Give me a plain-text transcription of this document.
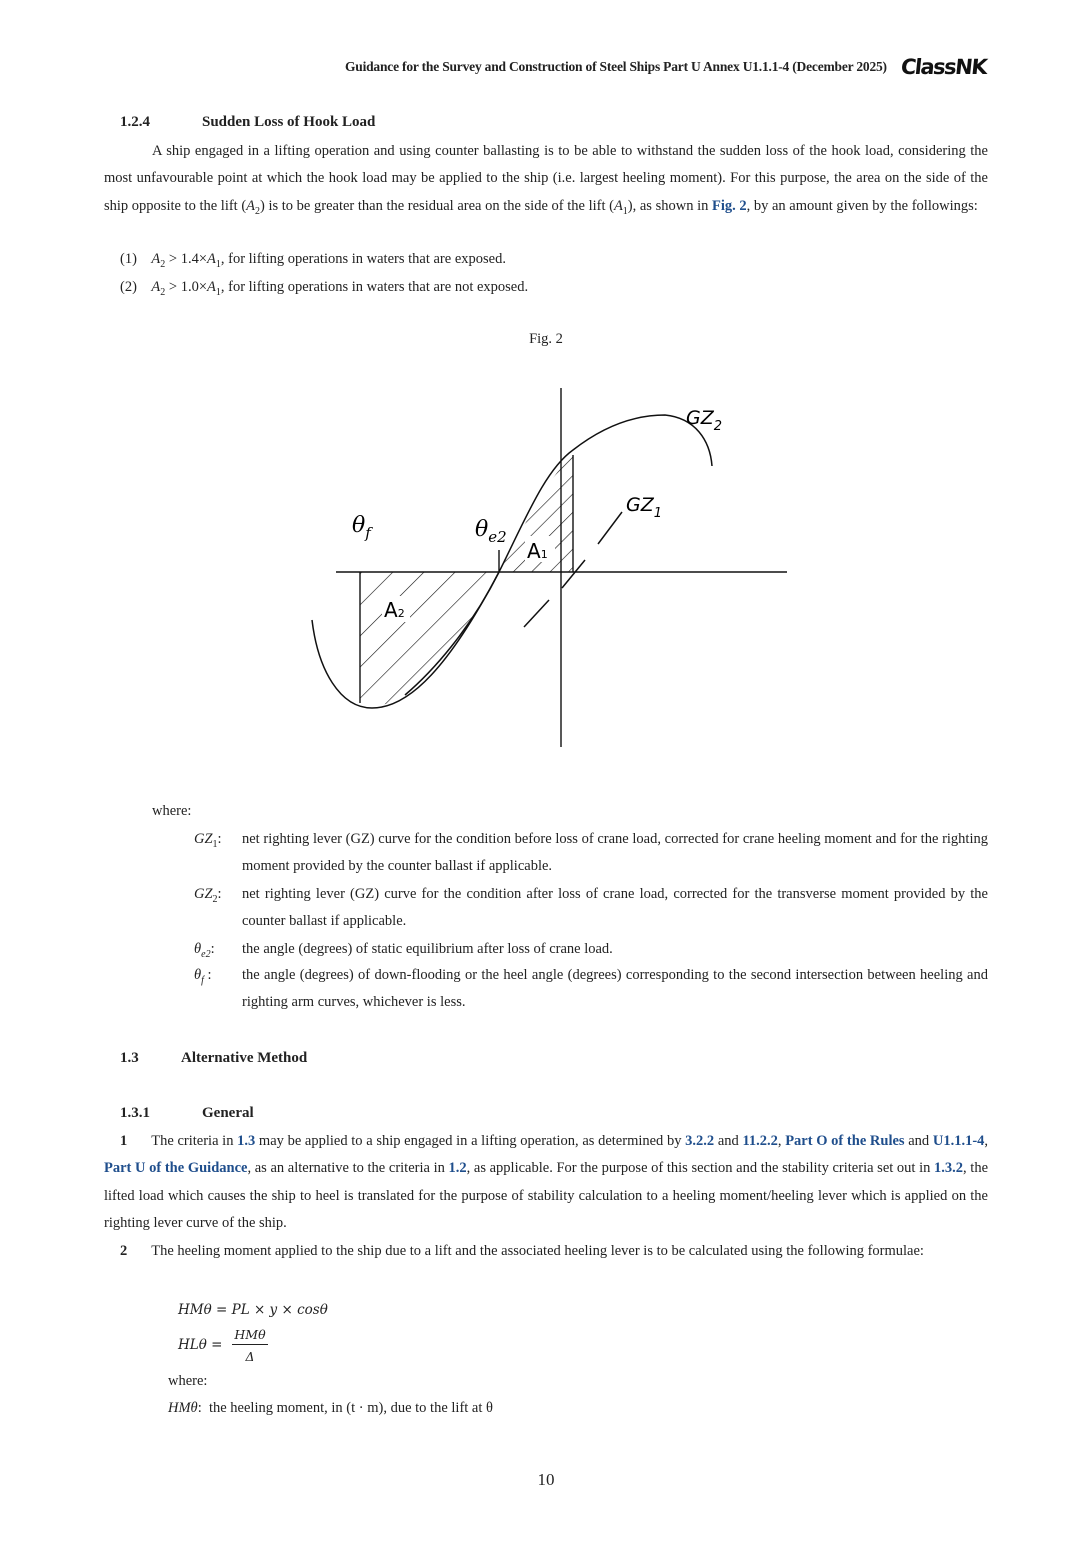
Guidance for the Survey and Construction of Steel Ships Part U Annex U1.1.1-4 (December 2025) ClassNK
1.2.4	Sudden Loss of Hook Load
A ship engaged in a lifting operation and using counter ballasting is to be able to withstand the sudden loss of the hook load, considering the most unfavourable point at which the hook load may be applied to the ship (i.e. largest heeling moment). For this purpose, the area on the side of the ship opposite to the lift $(A_2)$ is to be greater than the residual area on the side of the lift $(A_1)$, as shown in Fig. 2, by an amount given by the followings:
(1) $A_2 > 1.4\times A_1$, for lifting operations in waters that are exposed.
(2) $A_2 > 1.0\times A_1$, for lifting operations in waters that are not exposed.
Fig. 2
$GZ_2$
$GZ_1$
$\theta_f$	$\theta_{e2}$
A1
A2
where:
$GZ_1$: net righting lever (GZ) curve for the condition before loss of crane load, corrected for crane heeling moment and for the righting moment provided by the counter ballast if applicable.
$GZ_2$: net righting lever (GZ) curve for the condition after loss of crane load, corrected for the transverse moment provided by the counter ballast if applicable.
$\theta_{e2}$: the angle (degrees) of static equilibrium after loss of crane load.
$\theta_f$ : the angle (degrees) of down-flooding or the heel angle (degrees) corresponding to the second intersection between heeling and righting arm curves, whichever is less.
1.3	Alternative Method
1.3.1	General
1 The criteria in 1.3 may be applied to a ship engaged in a lifting operation, as determined by 3.2.2 and 11.2.2, Part O of the Rules and U1.1.1-4, Part U of the Guidance, as an alternative to the criteria in 1.2, as applicable. For the purpose of this section and the stability criteria set out in 1.3.2, the lifted load which causes the ship to heel is translated for the purpose of stability calculation to a heeling moment/heeling lever which is applied on the righting lever curve of the ship.
2 The heeling moment applied to the ship due to a lift and the associated heeling lever is to be calculated using the following formulae:
HMθ = PL × y × cosθ
HLθ =
HMθ
Δ
where:
HMθ: the heeling moment, in (t · m), due to the lift at θ
10
